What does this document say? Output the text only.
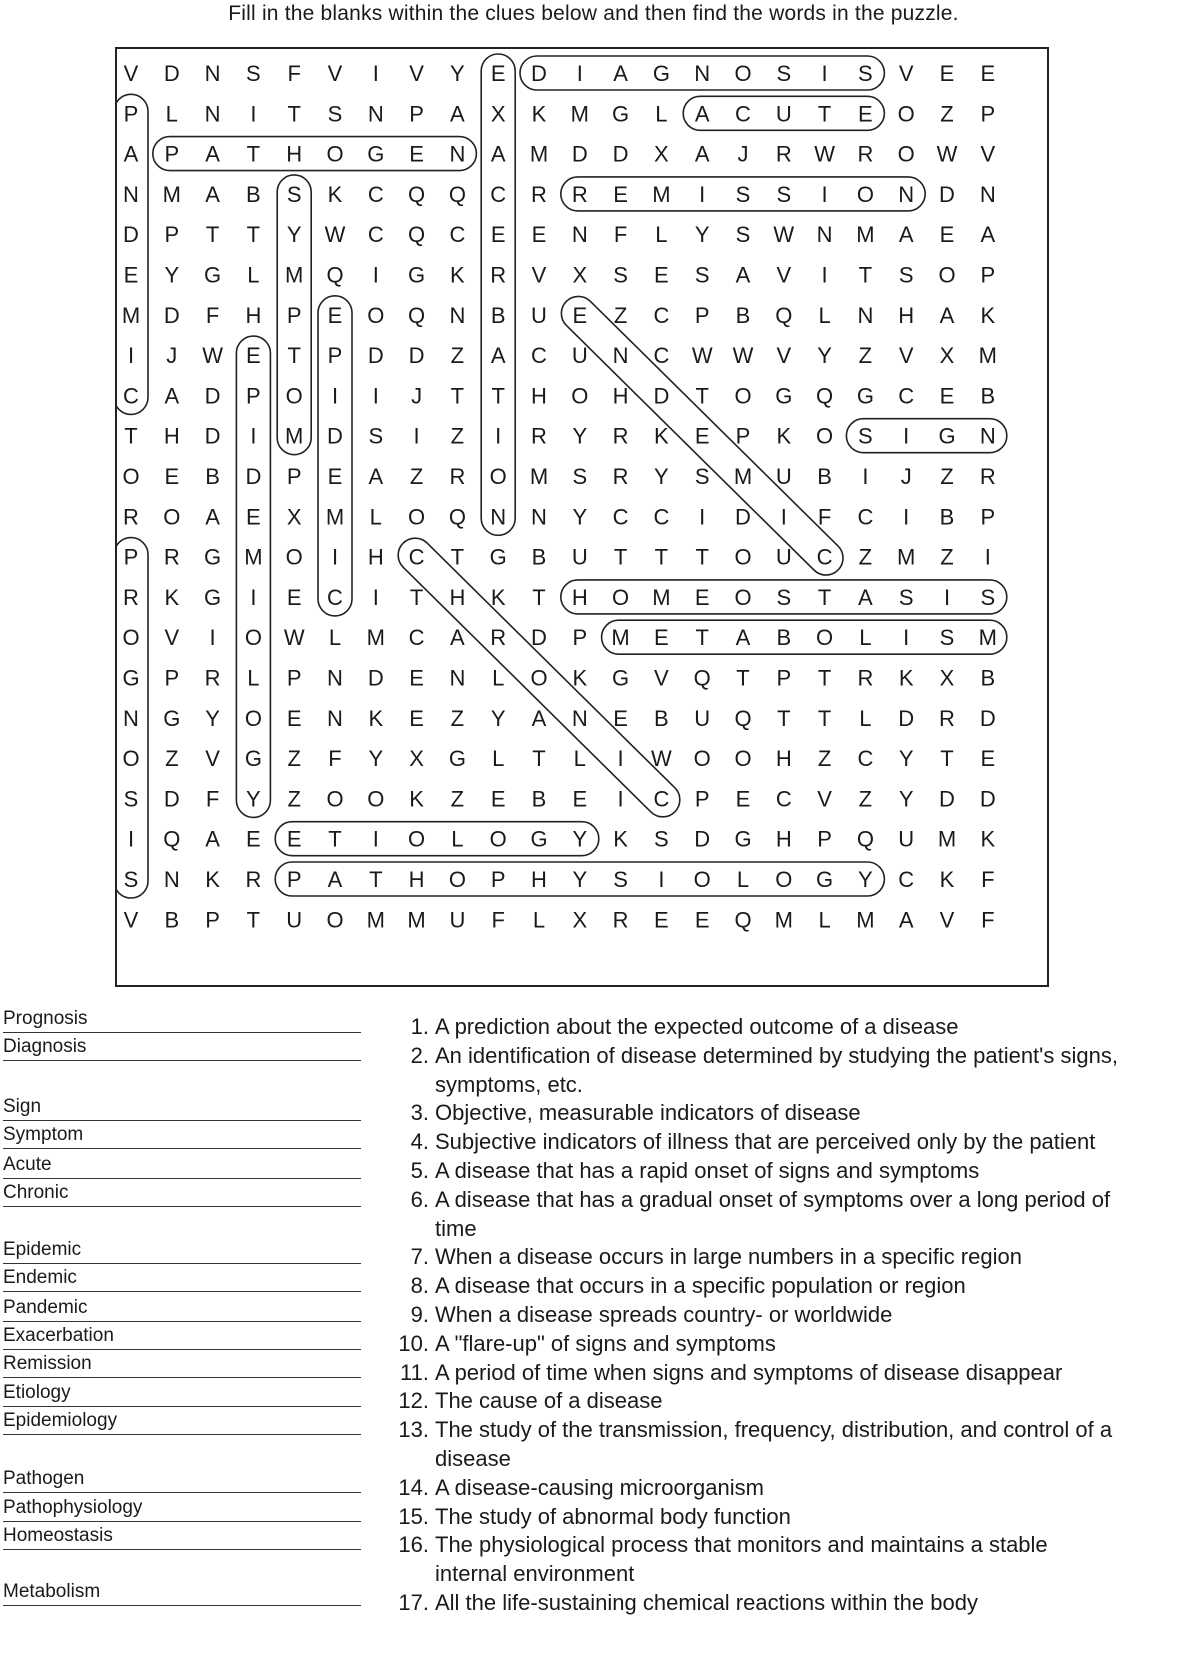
Fill in the blanks within the clues below and then find the words in the puzzle.
V D N S F V I V Y E D I A G N O S I S V E E
P L N I T S N P A X K M G L A C U T E O Z P
A P A T H O G E N A M D D X A J R W R O W V
N M A B S K C Q Q C R R E M I S S I O N D N
D P T T Y W C Q C E E N F L Y S W N M A E A
E Y G L M Q I G K R V X S E S A V I T S O P
M D F H P E O Q N B U E Z C P B Q L N H A K
I J W E T P D D Z A C U N C W W V Y Z V X M
C A D P O I I J T T H O H D T O G Q G C E B
T H D I M D S I Z I R Y R K E P K O S I G N
O E B D P E A Z R O M S R Y S M U B I J Z R
R O A E X M L O Q N N Y C C I D I F C I B P
P R G M O I H C T G B U T T T O U C Z M Z I
R K G I E C I T H K T H O M E O S T A S I S
O V I O W L M C A R D P M E T A B O L I S M
G P R L P N D E N L O K G V Q T P T R K X B
N G Y O E N K E Z Y A N E B U Q T T L D R D
O Z V G Z F Y X G L T L I W O O H Z C Y T E
S D F Y Z O O K Z E B E I C P E C V Z Y D D
I Q A E E T I O L O G Y K S D G H P Q U M K
S N K R P A T H O P H Y S I O L O G Y C K F
V B P T U O M M U F L X R E E Q M L M A V F
Prognosis
Diagnosis
Sign
Symptom
Acute
Chronic
Epidemic
Endemic
Pandemic
Exacerbation
Remission
Etiology
Epidemiology
Pathogen
Pathophysiology
Homeostasis
Metabolism
1. A prediction about the expected outcome of a disease
2. An identification of disease determined by studying the patient's signs,
symptoms, etc.
3. Objective, measurable indicators of disease
4. Subjective indicators of illness that are perceived only by the patient
5. A disease that has a rapid onset of signs and symptoms
6. A disease that has a gradual onset of symptoms over a long period of
time
7. When a disease occurs in large numbers in a specific region
8. A disease that occurs in a specific population or region
9. When a disease spreads country- or worldwide
10. A "flare-up" of signs and symptoms
11. A period of time when signs and symptoms of disease disappear
12. The cause of a disease
13. The study of the transmission, frequency, distribution, and control of a
disease
14. A disease-causing microorganism
15. The study of abnormal body function
16. The physiological process that monitors and maintains a stable
internal environment
17. All the life-sustaining chemical reactions within the body
